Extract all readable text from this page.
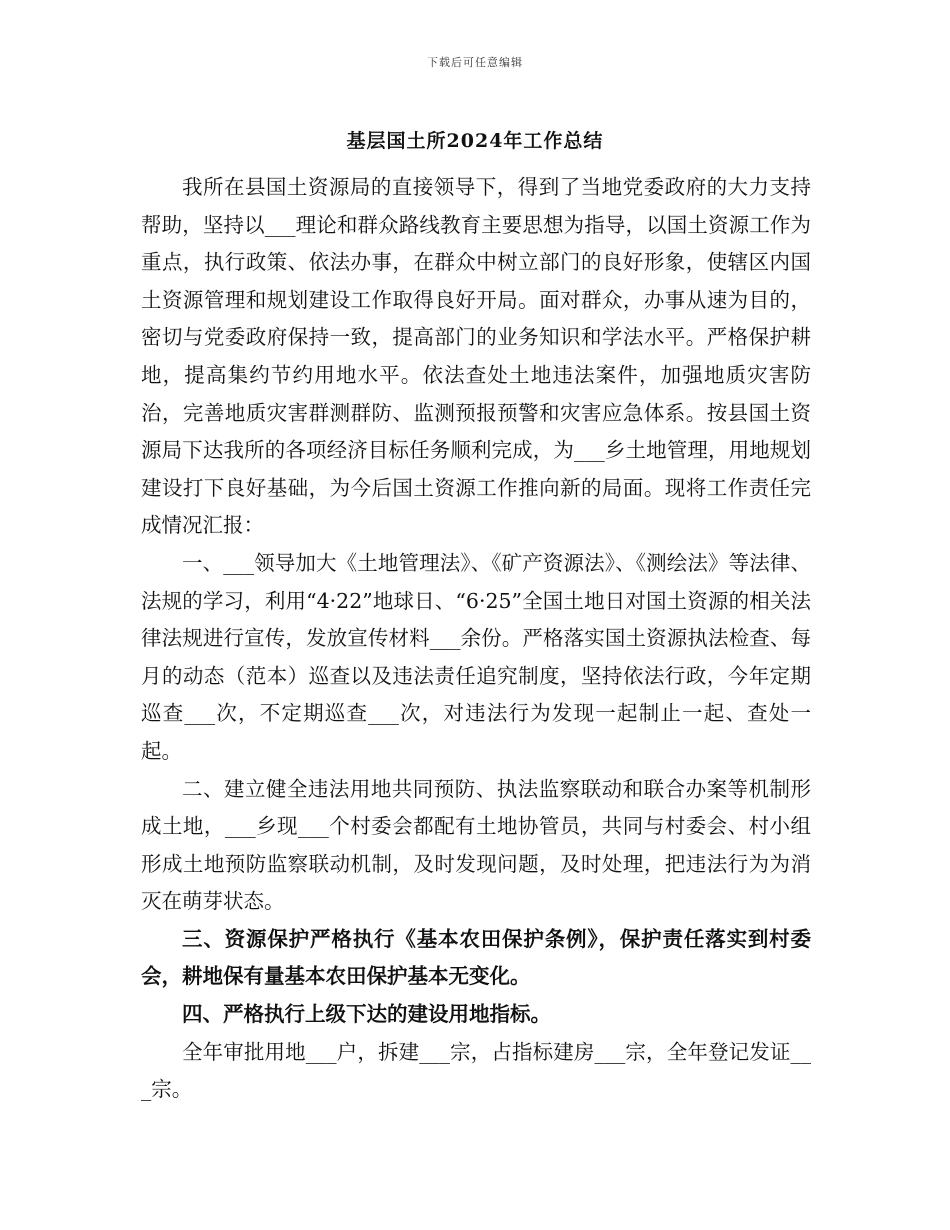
下载后可任意编辑
基层国土所2024年工作总结

我所在县国土资源局的直接领导下，得到了当地党委政府的大力支持帮助，坚持以___理论和群众路线教育主要思想为指导，以国土资源工作为重点，执行政策、依法办事，在群众中树立部门的良好形象，使辖区内国土资源管理和规划建设工作取得良好开局。面对群众，办事从速为目的，密切与党委政府保持一致，提高部门的业务知识和学法水平。严格保护耕地，提高集约节约用地水平。依法查处土地违法案件，加强地质灾害防治，完善地质灾害群测群防、监测预报预警和灾害应急体系。按县国土资源局下达我所的各项经济目标任务顺利完成，为___乡土地管理，用地规划建设打下良好基础，为今后国土资源工作推向新的局面。现将工作责任完成情况汇报：

一、___领导加大《土地管理法》、《矿产资源法》、《测绘法》等法律、法规的学习，利用“4·22”地球日、“6·25”全国土地日对国土资源的相关法律法规进行宣传，发放宣传材料___余份。严格落实国土资源执法检查、每月的动态（范本）巡查以及违法责任追究制度，坚持依法行政，今年定期巡查___次，不定期巡查___次，对违法行为发现一起制止一起、查处一起。

二、建立健全违法用地共同预防、执法监察联动和联合办案等机制形成土地，___乡现___个村委会都配有土地协管员，共同与村委会、村小组形成土地预防监察联动机制，及时发现问题，及时处理，把违法行为为消灭在萌芽状态。

三、资源保护严格执行《基本农田保护条例》，保护责任落实到村委会，耕地保有量基本农田保护基本无变化。

四、严格执行上级下达的建设用地指标。

全年审批用地___户，拆建___宗，占指标建房___宗，全年登记发证___宗。
